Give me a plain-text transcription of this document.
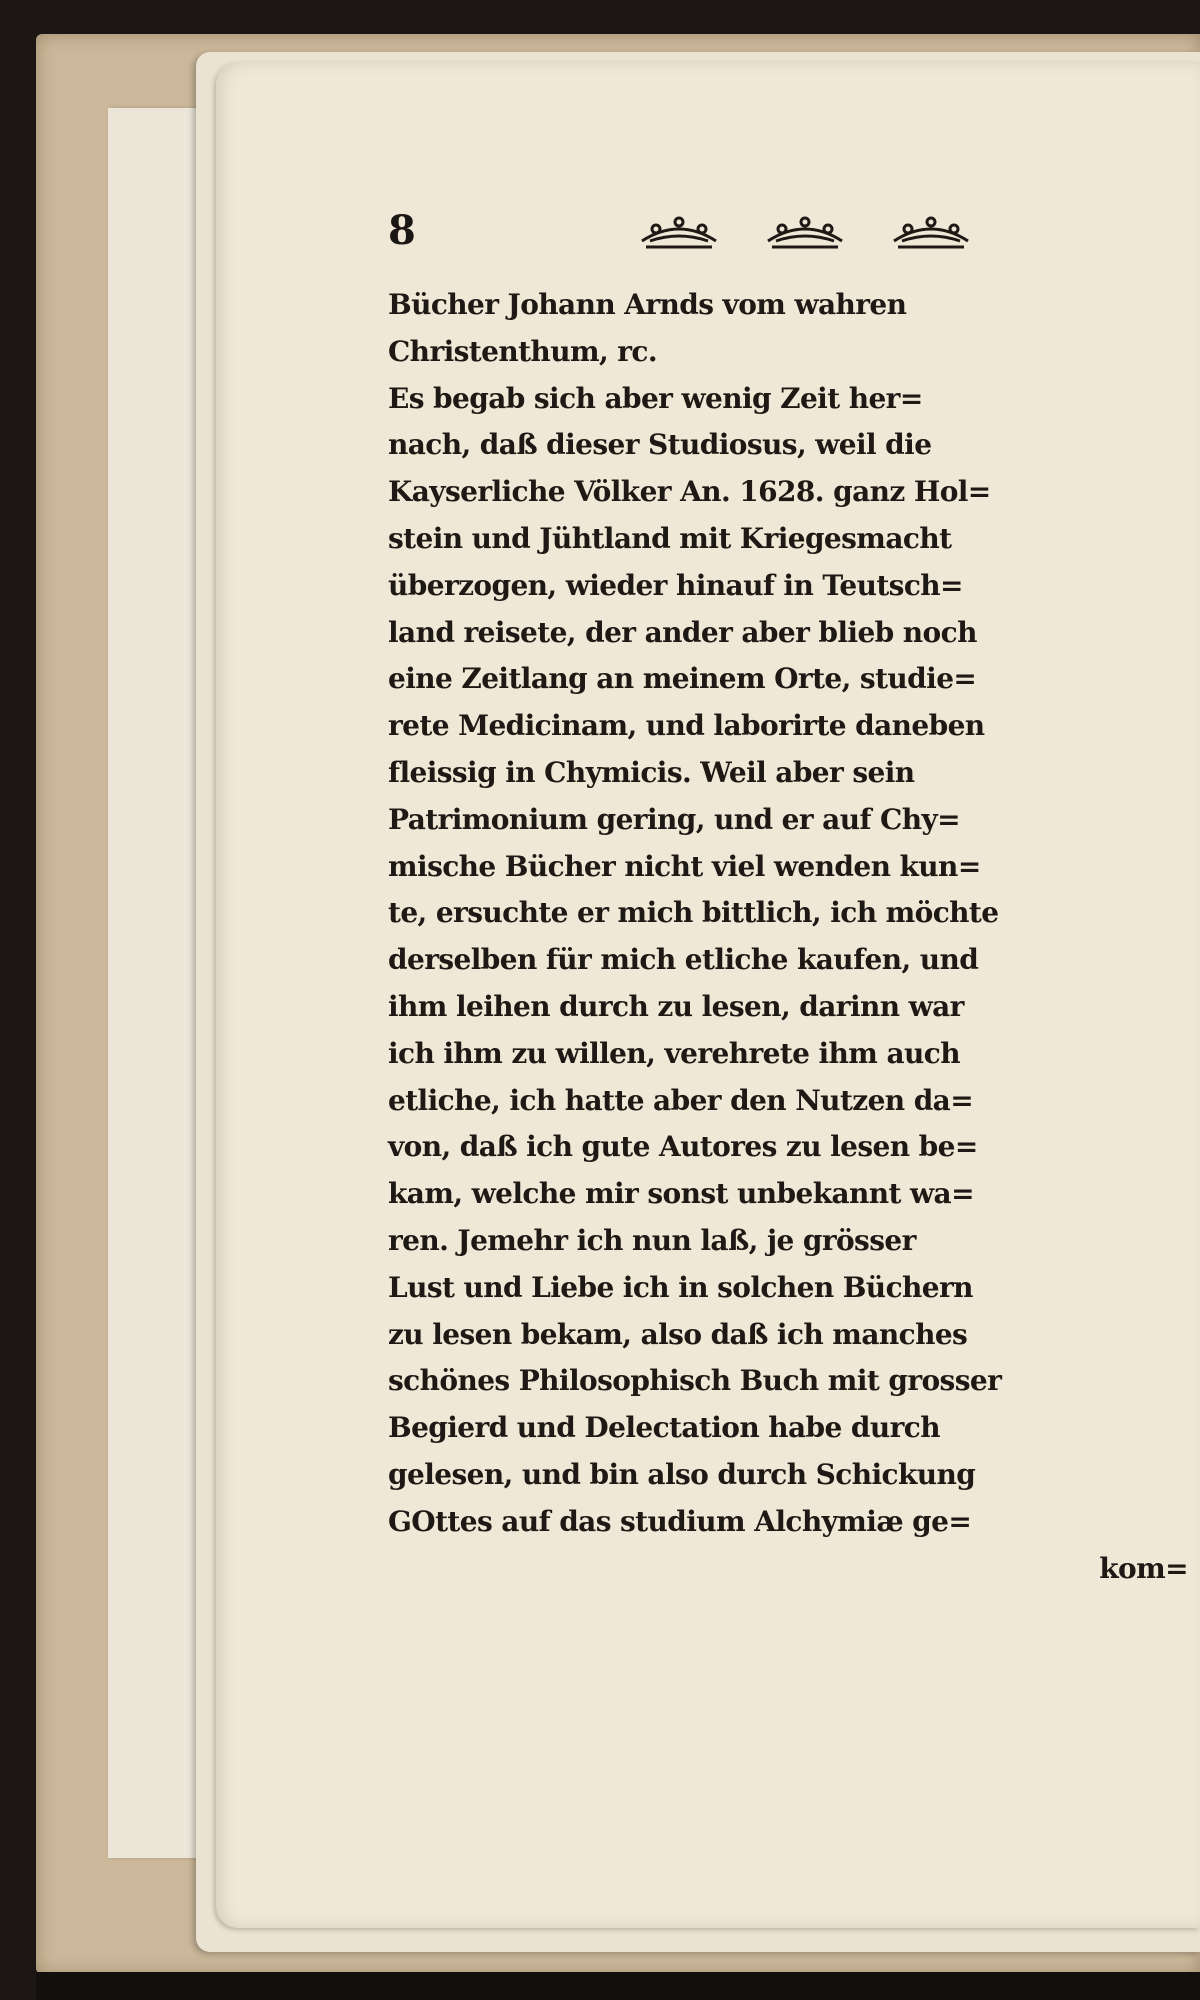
8
Bücher Johann Arnds vom wahren
Christenthum, rc.
Es begab sich aber wenig Zeit her=
nach, daß dieser Studiosus, weil die
Kayserliche Völker An. 1628. ganz Hol=
stein und Jühtland mit Kriegesmacht
überzogen, wieder hinauf in Teutsch=
land reisete, der ander aber blieb noch
eine Zeitlang an meinem Orte, studie=
rete Medicinam, und laborirte daneben
fleissig in Chymicis. Weil aber sein
Patrimonium gering, und er auf Chy=
mische Bücher nicht viel wenden kun=
te, ersuchte er mich bittlich, ich möchte
derselben für mich etliche kaufen, und
ihm leihen durch zu lesen, darinn war
ich ihm zu willen, verehrete ihm auch
etliche, ich hatte aber den Nutzen da=
von, daß ich gute Autores zu lesen be=
kam, welche mir sonst unbekannt wa=
ren. Jemehr ich nun laß, je grösser
Lust und Liebe ich in solchen Büchern
zu lesen bekam, also daß ich manches
schönes Philosophisch Buch mit grosser
Begierd und Delectation habe durch
gelesen, und bin also durch Schickung
GOttes auf das studium Alchymiæ ge=
kom=
